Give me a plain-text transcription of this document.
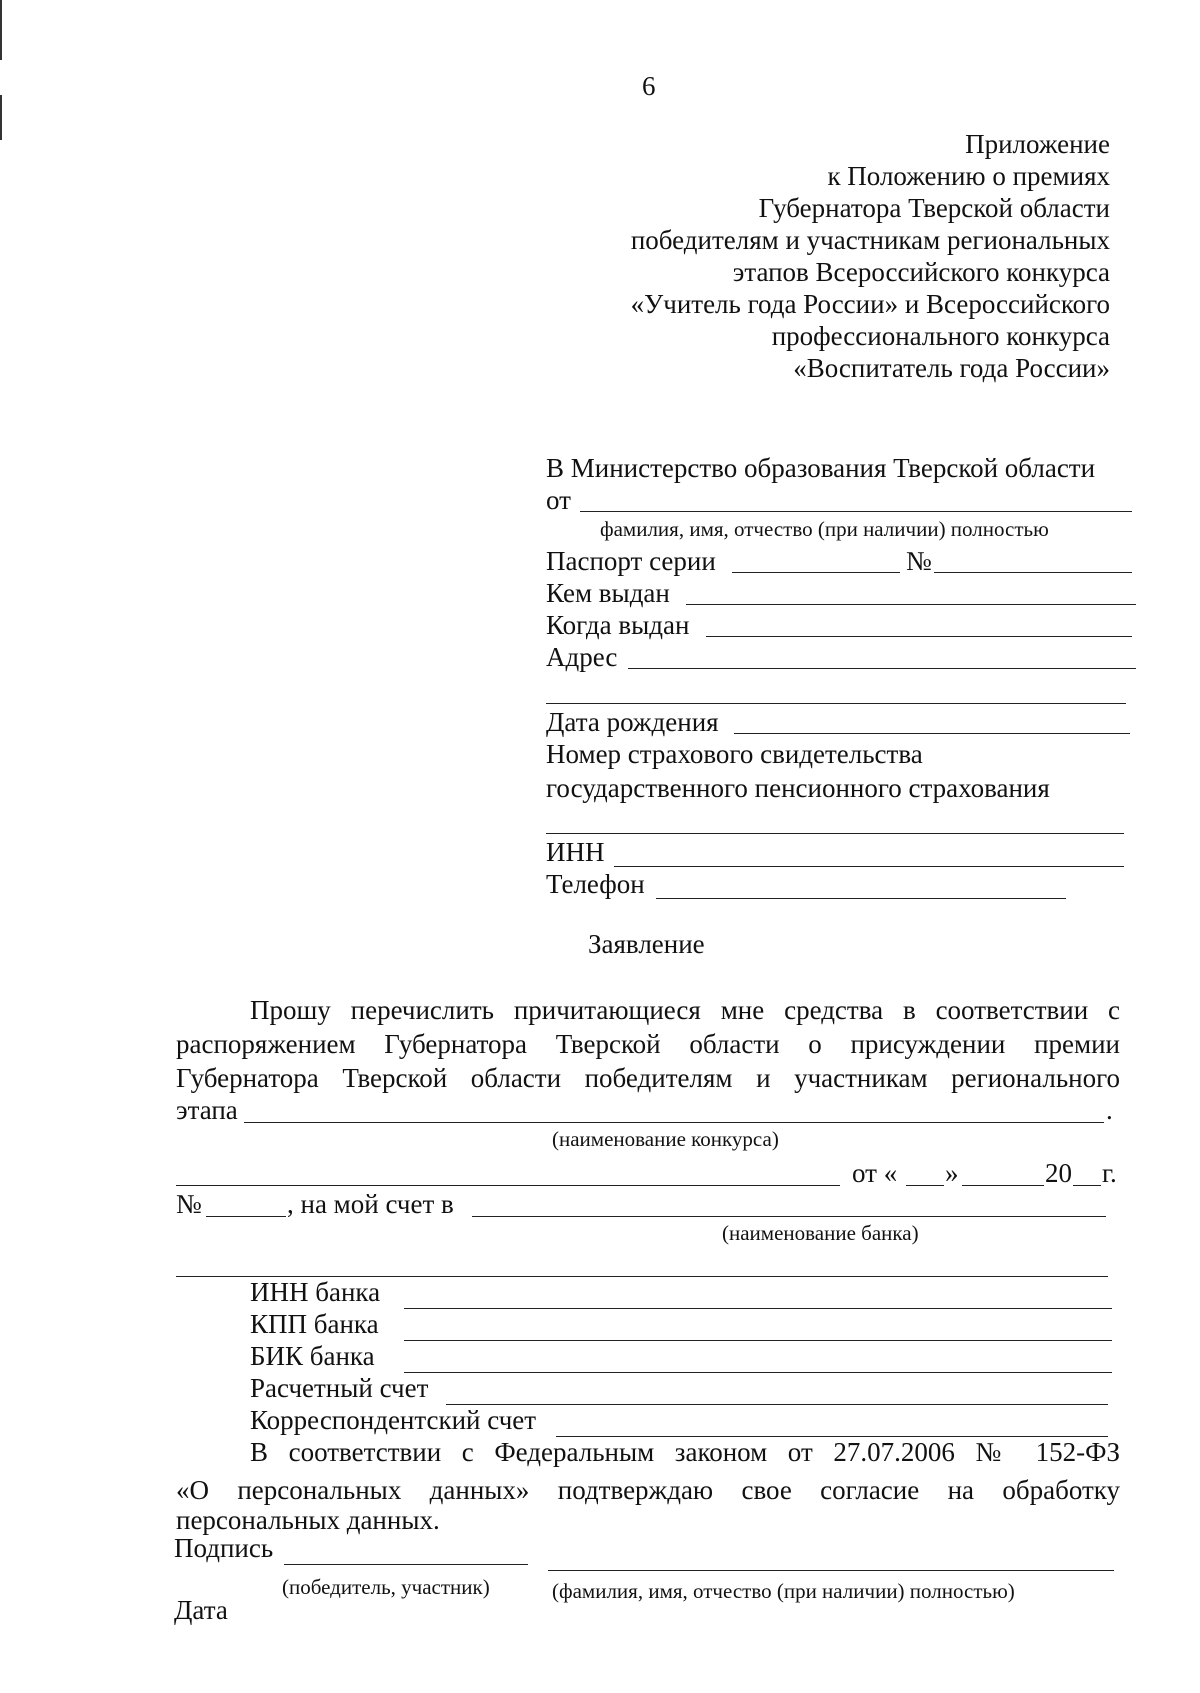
6
Приложение
к Положению о премиях
Губернатора Тверской области
победителям и участникам региональных
этапов Всероссийского конкурса
«Учитель года России» и Всероссийского
профессионального конкурса
«Воспитатель года России»
В Министерство образования Тверской области
от
фамилия, имя, отчество (при наличии) полностью
Паспорт серии	№
Кем выдан
Когда выдан
Адрес
Дата рождения
Номер страхового свидетельства
государственного пенсионного страхования
ИНН
Телефон
Заявление
Прошу перечислить причитающиеся мне средства в соответствии с
распоряжением Губернатора Тверской области о присуждении премии
Губернатора Тверской области победителям и участникам регионального
этапа	.
(наименование конкурса)
от « »	20 г.
№	, на мой счет в
(наименование банка)
ИНН банка
КПП банка
БИК банка
Расчетный счет
Корреспондентский счет
В соответствии с Федеральным законом от 27.07.2006 № 152-ФЗ
«О персональных данных» подтверждаю свое согласие на обработку
персональных данных.
Подпись
(победитель, участник)	(фамилия, имя, отчество (при наличии) полностью)
Дата
